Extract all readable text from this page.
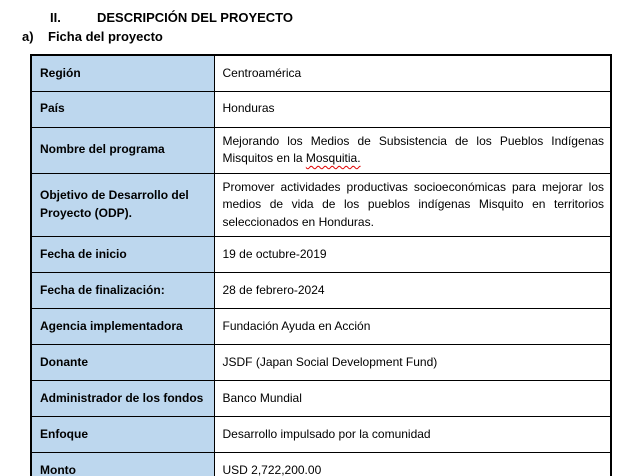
II.	DESCRIPCIÓN DEL PROYECTO
a)	Ficha del proyecto
Región	Centroamérica
País	Honduras
Nombre del programa	Mejorando los Medios de Subsistencia de los Pueblos Indígenas Misquitos en la Mosquitia.
Objetivo de Desarrollo del Proyecto (ODP).	Promover actividades productivas socioeconómicas para mejorar los medios de vida de los pueblos indígenas Misquito en territorios seleccionados en Honduras.
Fecha de inicio	19 de octubre-2019
Fecha de finalización:	28 de febrero-2024
Agencia implementadora	Fundación Ayuda en Acción
Donante	JSDF (Japan Social Development Fund)
Administrador de los fondos	Banco Mundial
Enfoque	Desarrollo impulsado por la comunidad
Monto	USD 2,722,200.00
